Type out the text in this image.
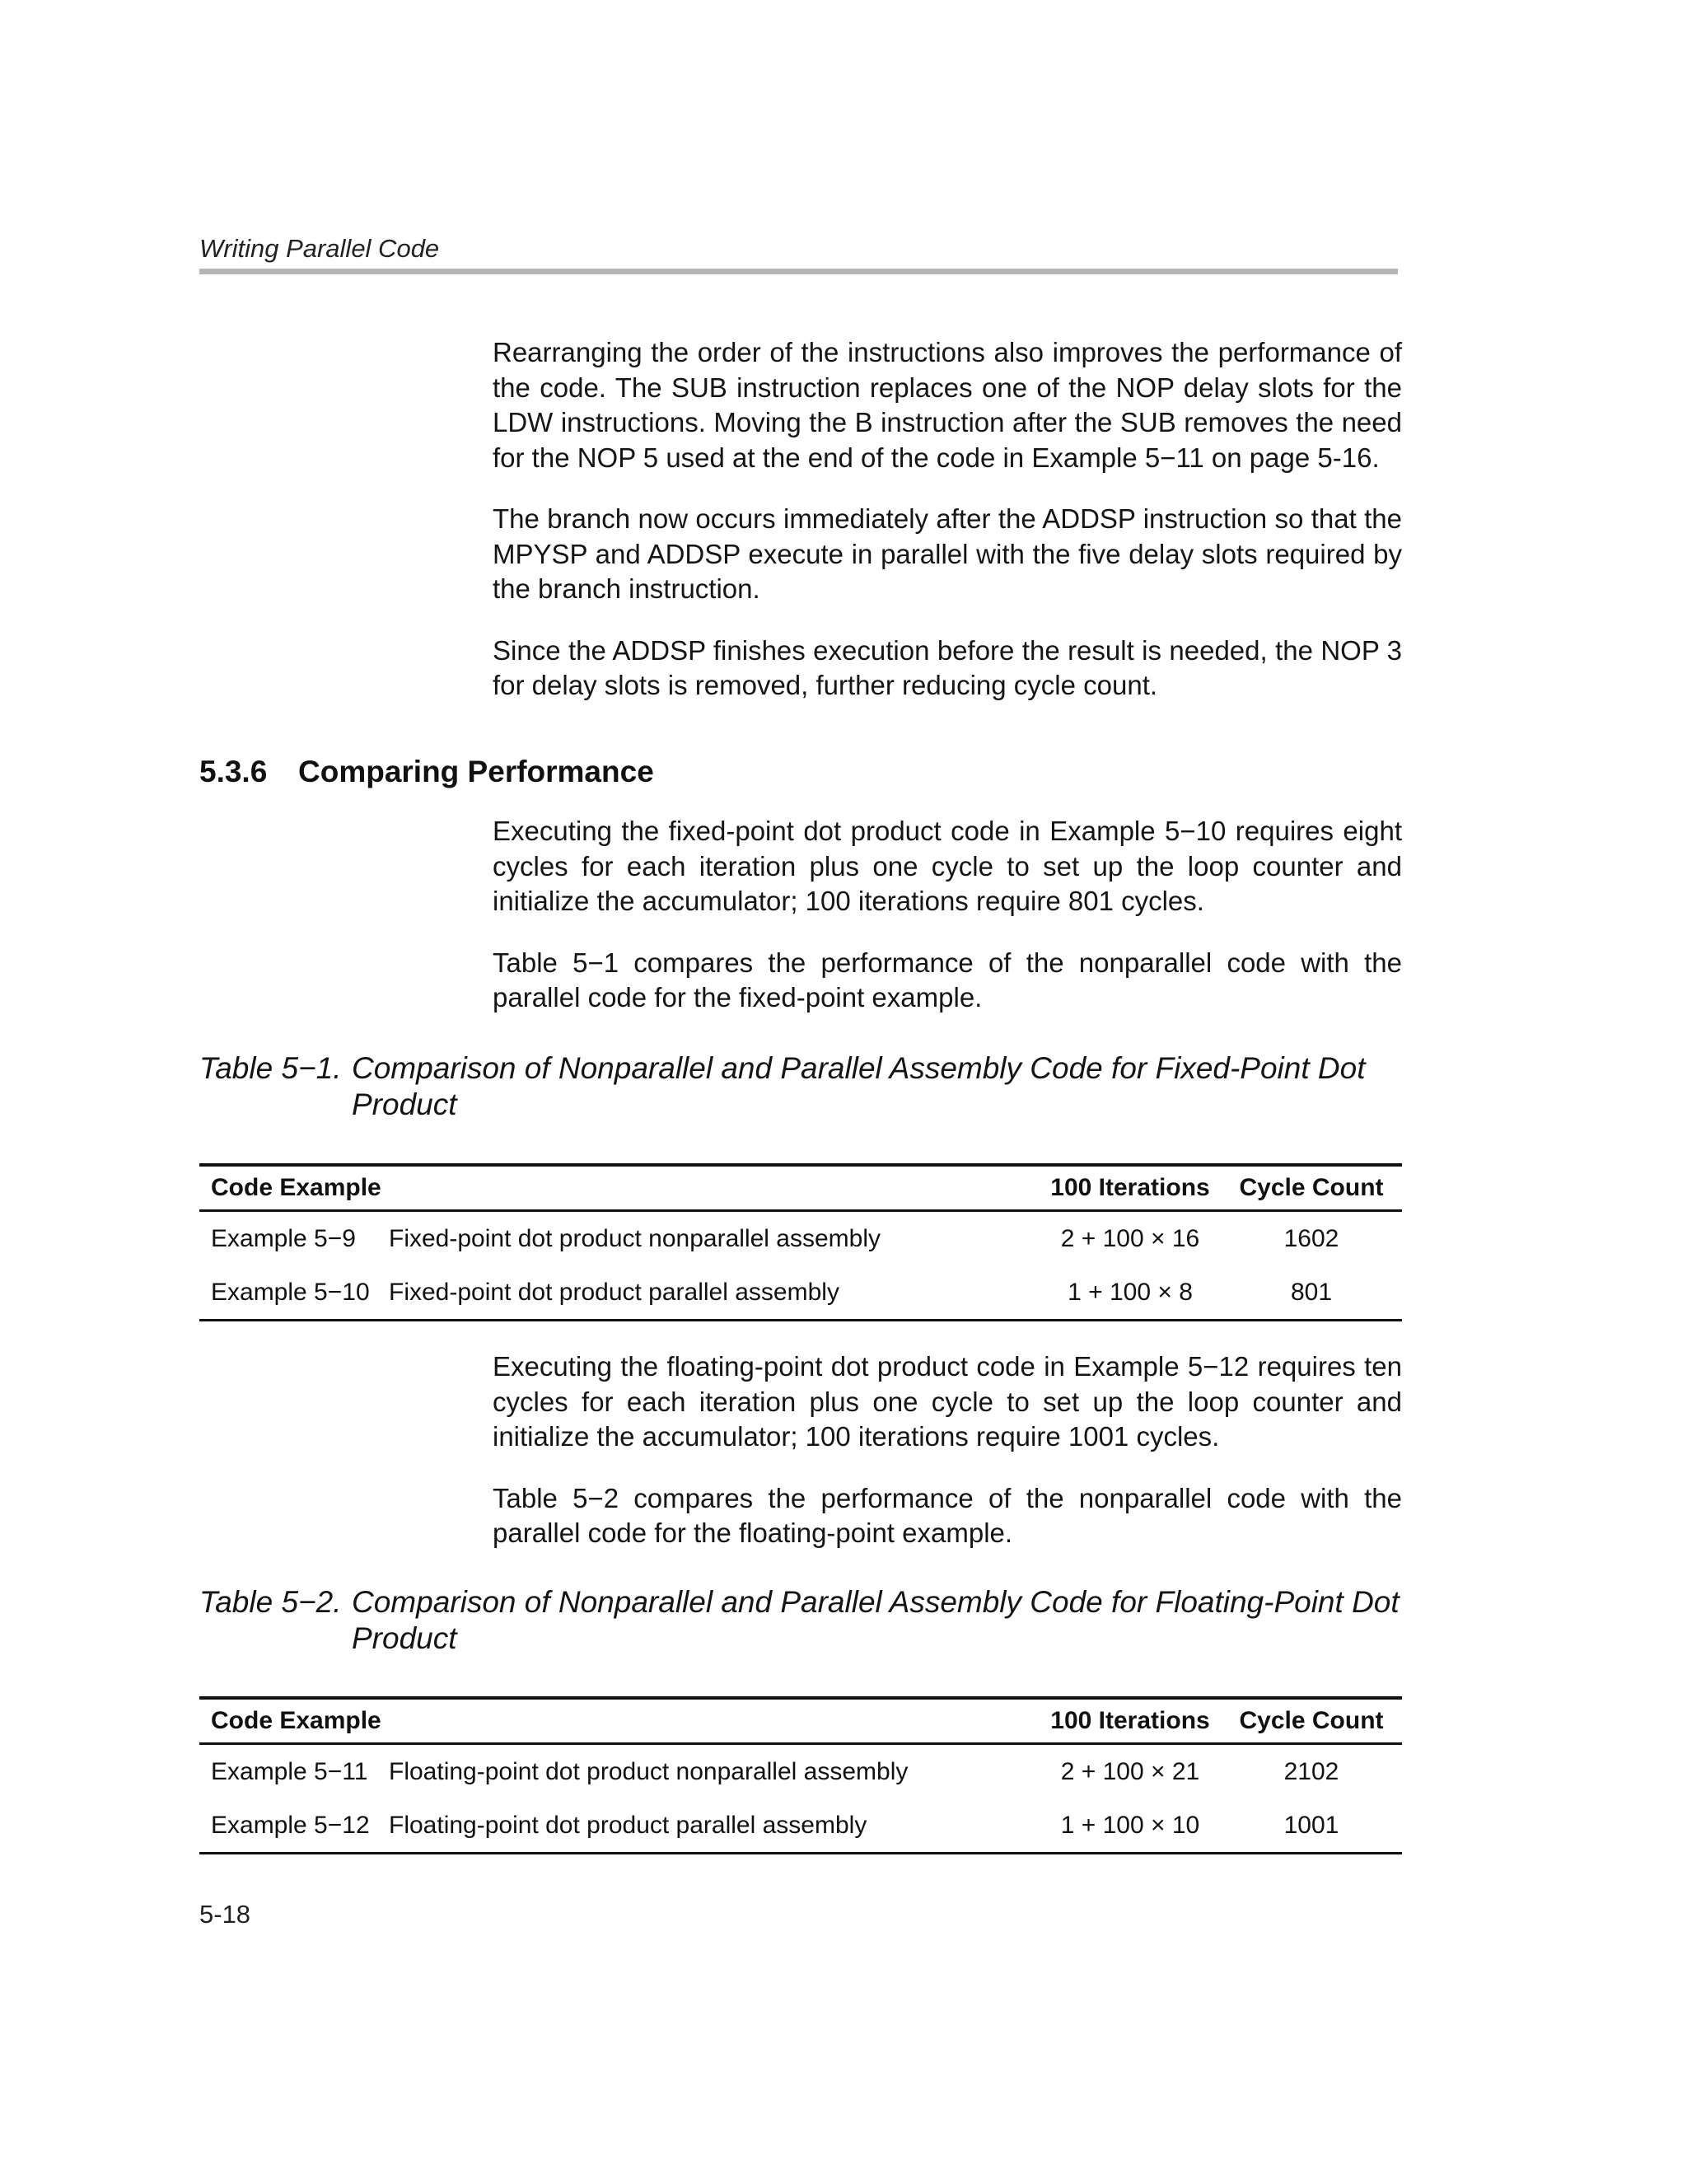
Writing Parallel Code

Rearranging the order of the instructions also improves the performance of the code. The SUB instruction replaces one of the NOP delay slots for the LDW instructions. Moving the B instruction after the SUB removes the need for the NOP 5 used at the end of the code in Example 5−11 on page 5-16.

The branch now occurs immediately after the ADDSP instruction so that the MPYSP and ADDSP execute in parallel with the five delay slots required by the branch instruction.

Since the ADDSP finishes execution before the result is needed, the NOP 3 for delay slots is removed, further reducing cycle count.

5.3.6	Comparing Performance

Executing the fixed-point dot product code in Example 5−10 requires eight cycles for each iteration plus one cycle to set up the loop counter and initialize the accumulator; 100 iterations require 801 cycles.

Table 5−1 compares the performance of the nonparallel code with the parallel code for the fixed-point example.

Table 5−1. Comparison of Nonparallel and Parallel Assembly Code for Fixed-Point Dot Product
Code Example	100 Iterations	Cycle Count
Example 5−9	Fixed-point dot product nonparallel assembly	2 + 100 × 16	1602
Example 5−10 Fixed-point dot product parallel assembly	1 + 100 × 8	801

Executing the floating-point dot product code in Example 5−12 requires ten cycles for each iteration plus one cycle to set up the loop counter and initialize the accumulator; 100 iterations require 1001 cycles.

Table 5−2 compares the performance of the nonparallel code with the parallel code for the floating-point example.

Table 5−2. Comparison of Nonparallel and Parallel Assembly Code for Floating-Point Dot Product
Code Example	100 Iterations	Cycle Count
Example 5−11 Floating-point dot product nonparallel assembly	2 + 100 × 21	2102
Example 5−12 Floating-point dot product parallel assembly	1 + 100 × 10	1001
5-18
